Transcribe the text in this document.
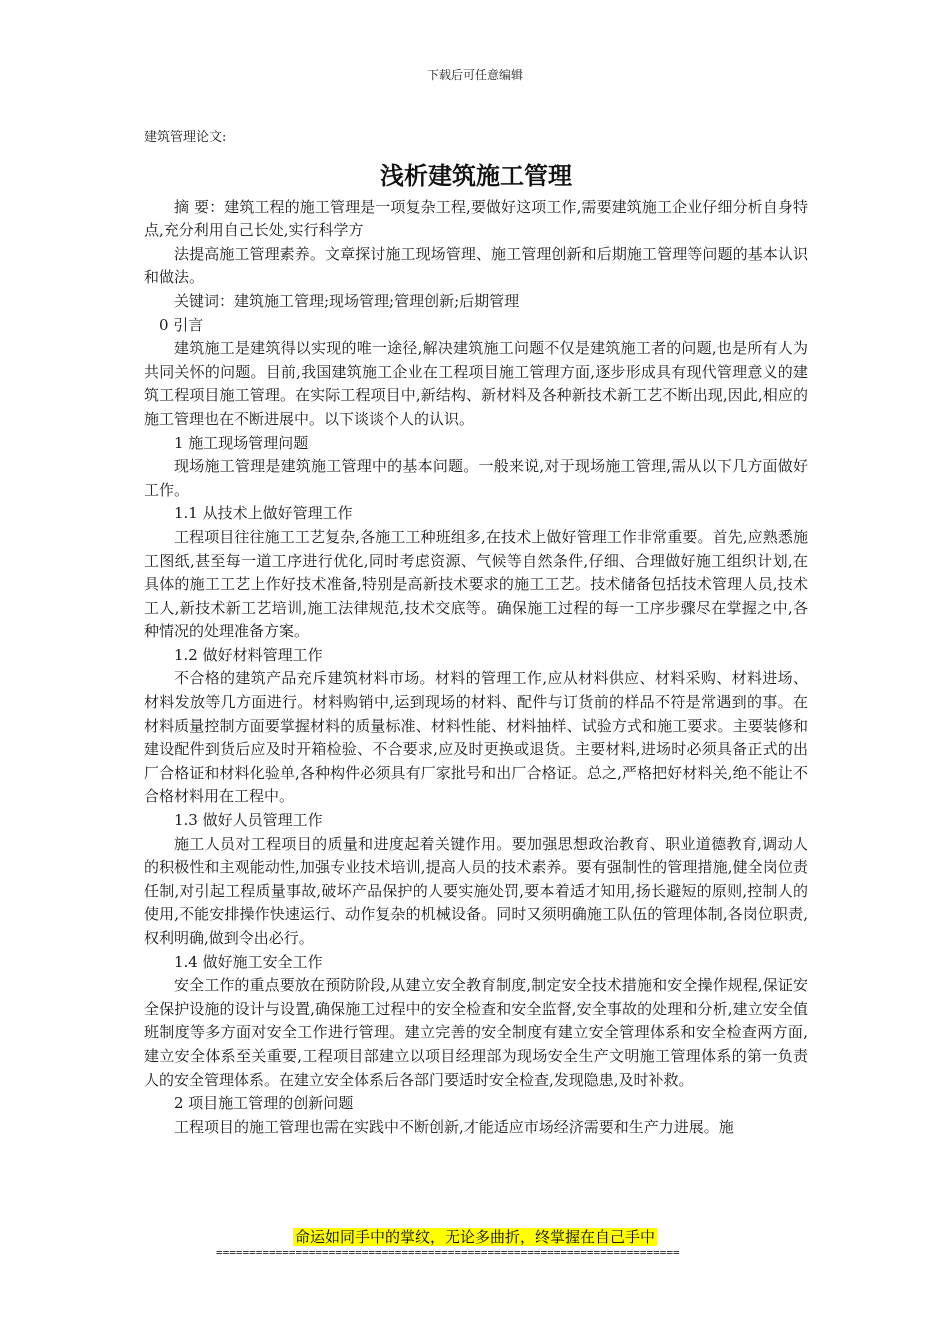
下载后可任意编辑
建筑管理论文:
浅析建筑施工管理

摘 要：建筑工程的施工管理是一项复杂工程,要做好这项工作,需要建筑施工企业仔细分析自身特点,充分利用自己长处,实行科学方

法提高施工管理素养。文章探讨施工现场管理、施工管理创新和后期施工管理等问题的基本认识和做法。

关键词：建筑施工管理;现场管理;管理创新;后期管理

0 引言

建筑施工是建筑得以实现的唯一途径,解决建筑施工问题不仅是建筑施工者的问题,也是所有人为共同关怀的问题。目前,我国建筑施工企业在工程项目施工管理方面,逐步形成具有现代管理意义的建筑工程项目施工管理。在实际工程项目中,新结构、新材料及各种新技术新工艺不断出现,因此,相应的施工管理也在不断进展中。以下谈谈个人的认识。

1 施工现场管理问题

现场施工管理是建筑施工管理中的基本问题。一般来说,对于现场施工管理,需从以下几方面做好工作。

1.1 从技术上做好管理工作

工程项目往往施工工艺复杂,各施工工种班组多,在技术上做好管理工作非常重要。首先,应熟悉施工图纸,甚至每一道工序进行优化,同时考虑资源、气候等自然条件,仔细、合理做好施工组织计划,在具体的施工工艺上作好技术准备,特别是高新技术要求的施工工艺。技术储备包括技术管理人员,技术工人,新技术新工艺培训,施工法律规范,技术交底等。确保施工过程的每一工序步骤尽在掌握之中,各种情况的处理准备方案。

1.2 做好材料管理工作

不合格的建筑产品充斥建筑材料市场。材料的管理工作,应从材料供应、材料采购、材料进场、材料发放等几方面进行。材料购销中,运到现场的材料、配件与订货前的样品不符是常遇到的事。在材料质量控制方面要掌握材料的质量标准、材料性能、材料抽样、试验方式和施工要求。主要装修和建设配件到货后应及时开箱检验、不合要求,应及时更换或退货。主要材料,进场时必须具备正式的出厂合格证和材料化验单,各种构件必须具有厂家批号和出厂合格证。总之,严格把好材料关,绝不能让不合格材料用在工程中。

1.3 做好人员管理工作

施工人员对工程项目的质量和进度起着关键作用。要加强思想政治教育、职业道德教育,调动人的积极性和主观能动性,加强专业技术培训,提高人员的技术素养。要有强制性的管理措施,健全岗位责任制,对引起工程质量事故,破坏产品保护的人要实施处罚,要本着适才知用,扬长避短的原则,控制人的使用,不能安排操作快速运行、动作复杂的机械设备。同时又须明确施工队伍的管理体制,各岗位职责,权利明确,做到令出必行。

1.4 做好施工安全工作

安全工作的重点要放在预防阶段,从建立安全教育制度,制定安全技术措施和安全操作规程,保证安全保护设施的设计与设置,确保施工过程中的安全检查和安全监督,安全事故的处理和分析,建立安全值班制度等多方面对安全工作进行管理。建立完善的安全制度有建立安全管理体系和安全检查两方面,建立安全体系至关重要,工程项目部建立以项目经理部为现场安全生产文明施工管理体系的第一负责人的安全管理体系。在建立安全体系后各部门要适时安全检查,发现隐患,及时补救。

2 项目施工管理的创新问题

工程项目的施工管理也需在实践中不断创新,才能适应市场经济需要和生产力进展。施

命运如同手中的掌纹，无论多曲折，终掌握在自己手中
======================================================================
